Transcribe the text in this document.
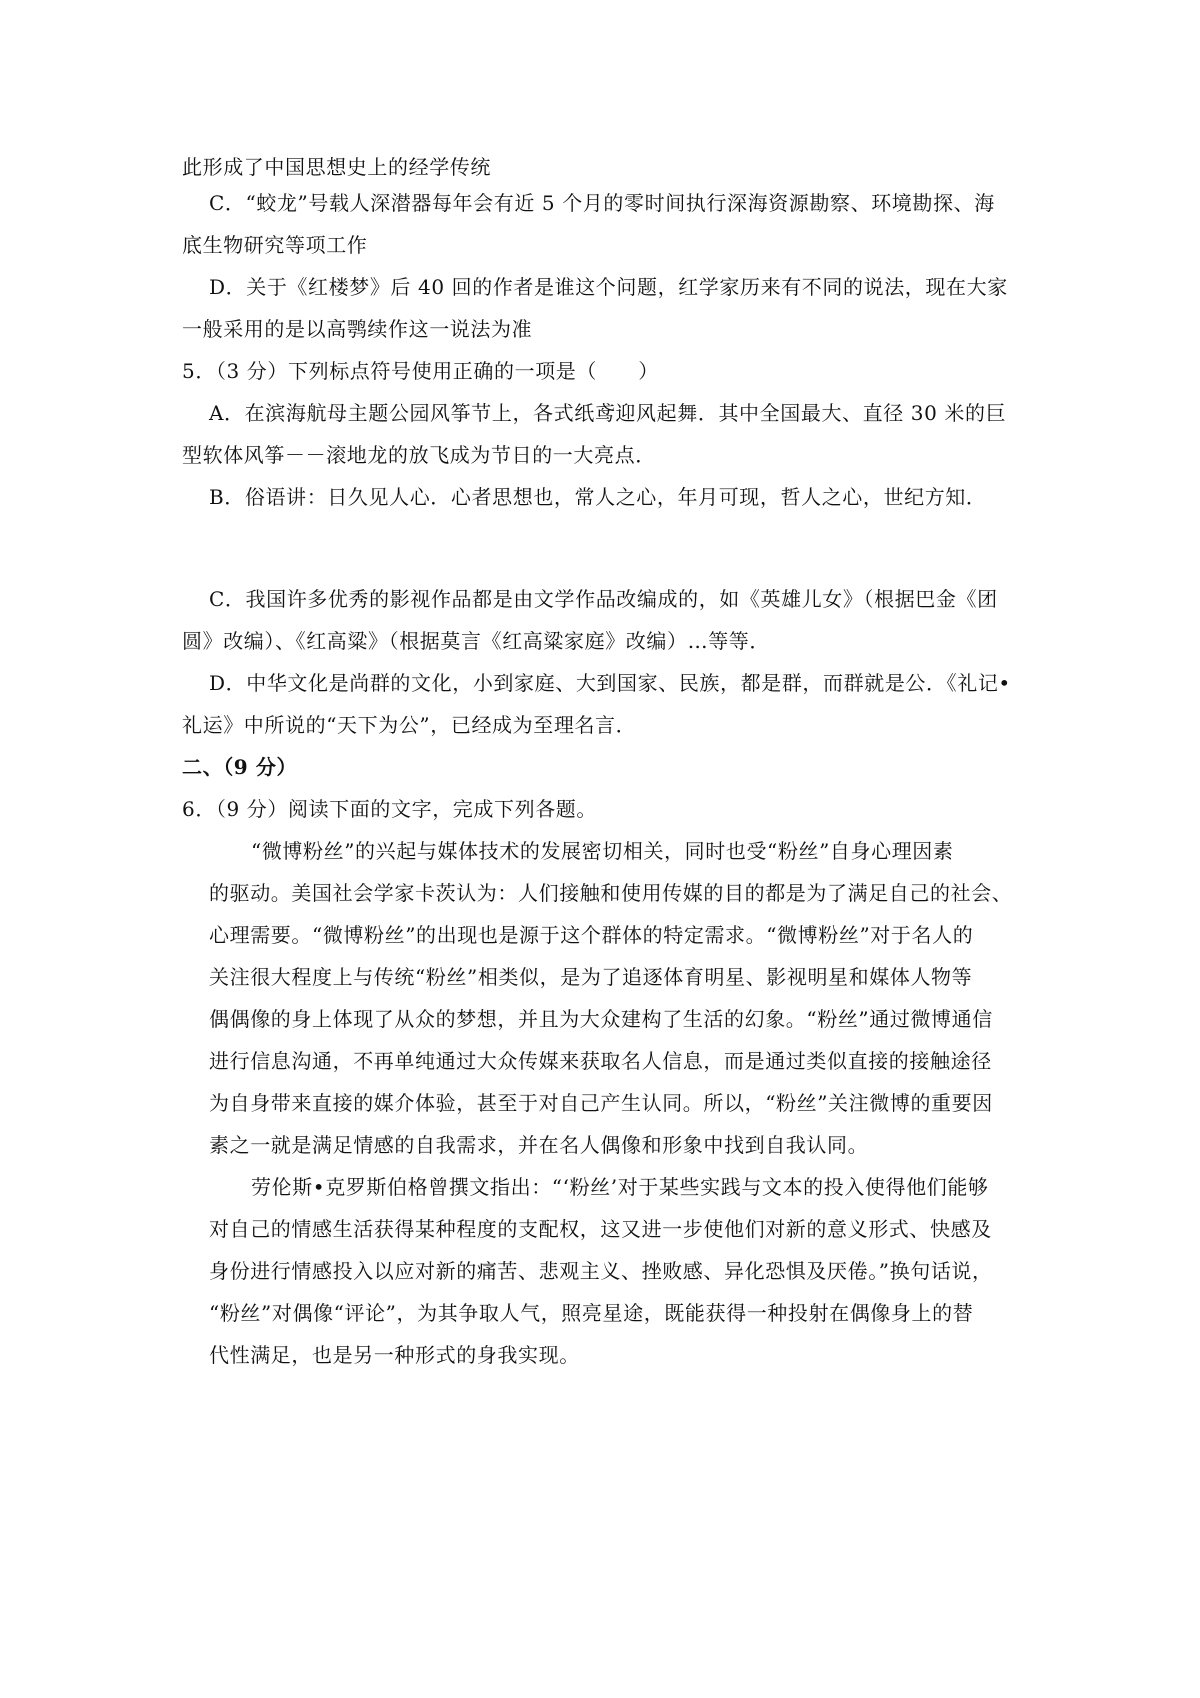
此形成了中国思想史上的经学传统
C．“蛟龙”号载人深潜器每年会有近 5 个月的零时间执行深海资源勘察、环境勘探、海
底生物研究等项工作
D．关于《红楼梦》后 40 回的作者是谁这个问题，红学家历来有不同的说法，现在大家
一般采用的是以高鹗续作这一说法为准
5．（3 分）下列标点符号使用正确的一项是（　　）
A．在滨海航母主题公园风筝节上，各式纸鸢迎风起舞．其中全国最大、直径 30 米的巨
型软体风筝－－滚地龙的放飞成为节日的一大亮点．
B．俗语讲：日久见人心．心者思想也，常人之心，年月可现，哲人之心，世纪方知．
C．我国许多优秀的影视作品都是由文学作品改编成的，如《英雄儿女》（根据巴金《团
圆》改编）、《红高粱》（根据莫言《红高粱家庭》改编）…等等．
D．中华文化是尚群的文化，小到家庭、大到国家、民族，都是群，而群就是公．《礼记•
礼运》中所说的“天下为公”，已经成为至理名言．
二、（9 分）
6．（9 分）阅读下面的文字，完成下列各题。
“微博粉丝”的兴起与媒体技术的发展密切相关，同时也受“粉丝”自身心理因素
的驱动。美国社会学家卡茨认为：人们接触和使用传媒的目的都是为了满足自己的社会、
心理需要。“微博粉丝”的出现也是源于这个群体的特定需求。“微博粉丝”对于名人的
关注很大程度上与传统“粉丝”相类似，是为了追逐体育明星、影视明星和媒体人物等
偶偶像的身上体现了从众的梦想，并且为大众建构了生活的幻象。“粉丝”通过微博通信
进行信息沟通，不再单纯通过大众传媒来获取名人信息，而是通过类似直接的接触途径
为自身带来直接的媒介体验，甚至于对自己产生认同。所以，“粉丝”关注微博的重要因
素之一就是满足情感的自我需求，并在名人偶像和形象中找到自我认同。
劳伦斯•克罗斯伯格曾撰文指出：“‘粉丝’对于某些实践与文本的投入使得他们能够
对自己的情感生活获得某种程度的支配权，这又进一步使他们对新的意义形式、快感及
身份进行情感投入以应对新的痛苦、悲观主义、挫败感、异化恐惧及厌倦。”换句话说，
“粉丝”对偶像“评论”，为其争取人气，照亮星途，既能获得一种投射在偶像身上的替
代性满足，也是另一种形式的身我实现。
